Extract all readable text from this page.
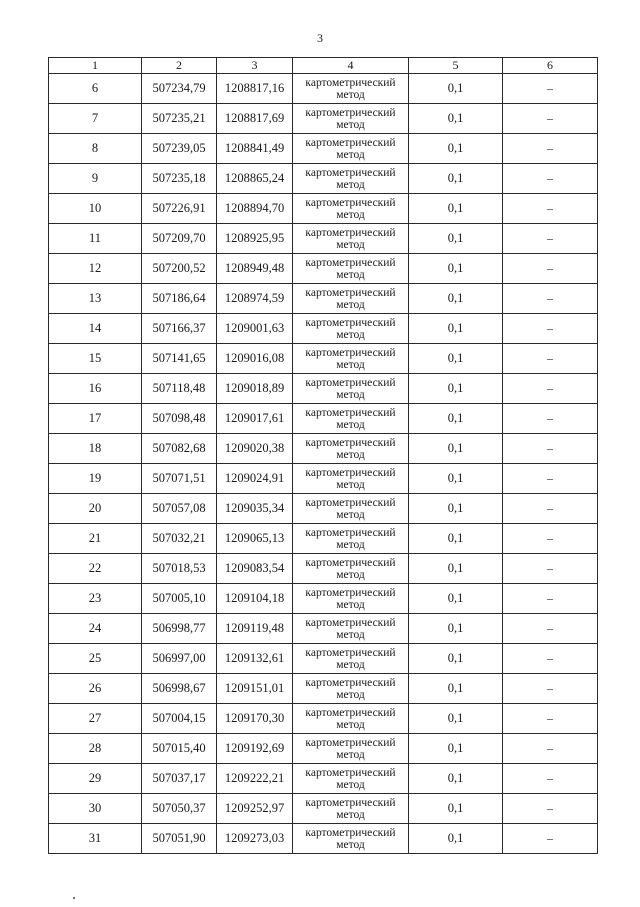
3
1	2	3	4	5	6
6	507234,79	1208817,16	картометрический метод	0,1	–
7	507235,21	1208817,69	картометрический метод	0,1	–
8	507239,05	1208841,49	картометрический метод	0,1	–
9	507235,18	1208865,24	картометрический метод	0,1	–
10	507226,91	1208894,70	картометрический метод	0,1	–
11	507209,70	1208925,95	картометрический метод	0,1	–
12	507200,52	1208949,48	картометрический метод	0,1	–
13	507186,64	1208974,59	картометрический метод	0,1	–
14	507166,37	1209001,63	картометрический метод	0,1	–
15	507141,65	1209016,08	картометрический метод	0,1	–
16	507118,48	1209018,89	картометрический метод	0,1	–
17	507098,48	1209017,61	картометрический метод	0,1	–
18	507082,68	1209020,38	картометрический метод	0,1	–
19	507071,51	1209024,91	картометрический метод	0,1	–
20	507057,08	1209035,34	картометрический метод	0,1	–
21	507032,21	1209065,13	картометрический метод	0,1	–
22	507018,53	1209083,54	картометрический метод	0,1	–
23	507005,10	1209104,18	картометрический метод	0,1	–
24	506998,77	1209119,48	картометрический метод	0,1	–
25	506997,00	1209132,61	картометрический метод	0,1	–
26	506998,67	1209151,01	картометрический метод	0,1	–
27	507004,15	1209170,30	картометрический метод	0,1	–
28	507015,40	1209192,69	картометрический метод	0,1	–
29	507037,17	1209222,21	картометрический метод	0,1	–
30	507050,37	1209252,97	картометрический метод	0,1	–
31	507051,90	1209273,03	картометрический метод	0,1	–
